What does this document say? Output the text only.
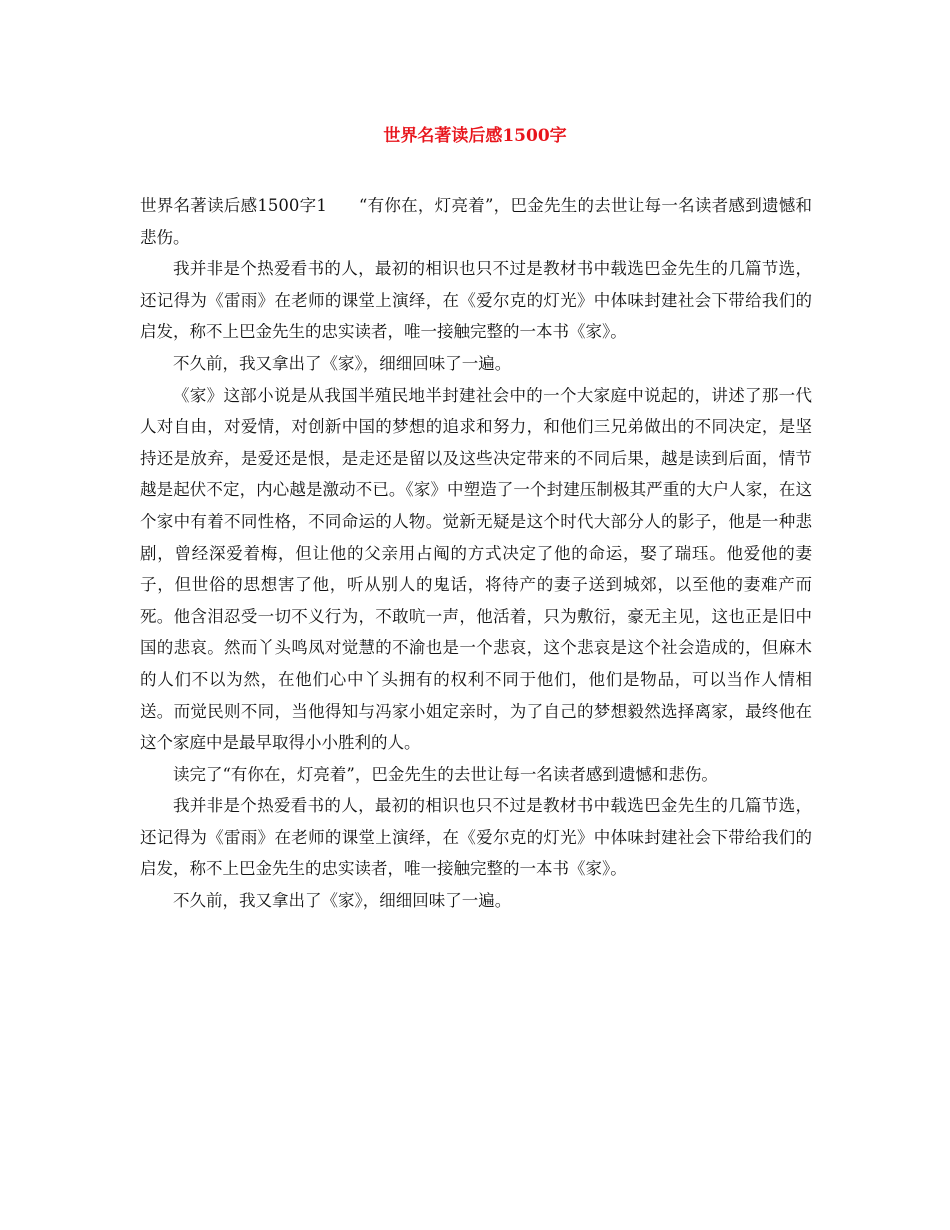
世界名著读后感1500字

世界名著读后感1500字1 “有你在，灯亮着”，巴金先生的去世让每一名读者感到遗憾和悲伤。

我并非是个热爱看书的人，最初的相识也只不过是教材书中载选巴金先生的几篇节选，还记得为《雷雨》在老师的课堂上演绎，在《爱尔克的灯光》中体味封建社会下带给我们的启发，称不上巴金先生的忠实读者，唯一接触完整的一本书《家》。

不久前，我又拿出了《家》，细细回味了一遍。

《家》这部小说是从我国半殖民地半封建社会中的一个大家庭中说起的，讲述了那一代人对自由，对爱情，对创新中国的梦想的追求和努力，和他们三兄弟做出的不同决定，是坚持还是放弃，是爱还是恨，是走还是留以及这些决定带来的不同后果，越是读到后面，情节越是起伏不定，内心越是激动不已。《家》中塑造了一个封建压制极其严重的大户人家，在这个家中有着不同性格，不同命运的人物。觉新无疑是这个时代大部分人的影子，他是一种悲剧，曾经深爱着梅，但让他的父亲用占阄的方式决定了他的命运，娶了瑞珏。他爱他的妻子，但世俗的思想害了他，听从别人的鬼话，将待产的妻子送到城郊，以至他的妻难产而死。他含泪忍受一切不义行为，不敢吭一声，他活着，只为敷衍，豪无主见，这也正是旧中国的悲哀。然而丫头鸣凤对觉慧的不渝也是一个悲哀，这个悲哀是这个社会造成的，但麻木的人们不以为然，在他们心中丫头拥有的权利不同于他们，他们是物品，可以当作人情相送。而觉民则不同，当他得知与冯家小姐定亲时，为了自己的梦想毅然选择离家，最终他在这个家庭中是最早取得小小胜利的人。

读完了“有你在，灯亮着”，巴金先生的去世让每一名读者感到遗憾和悲伤。

我并非是个热爱看书的人，最初的相识也只不过是教材书中载选巴金先生的几篇节选，还记得为《雷雨》在老师的课堂上演绎，在《爱尔克的灯光》中体味封建社会下带给我们的启发，称不上巴金先生的忠实读者，唯一接触完整的一本书《家》。

不久前，我又拿出了《家》，细细回味了一遍。
